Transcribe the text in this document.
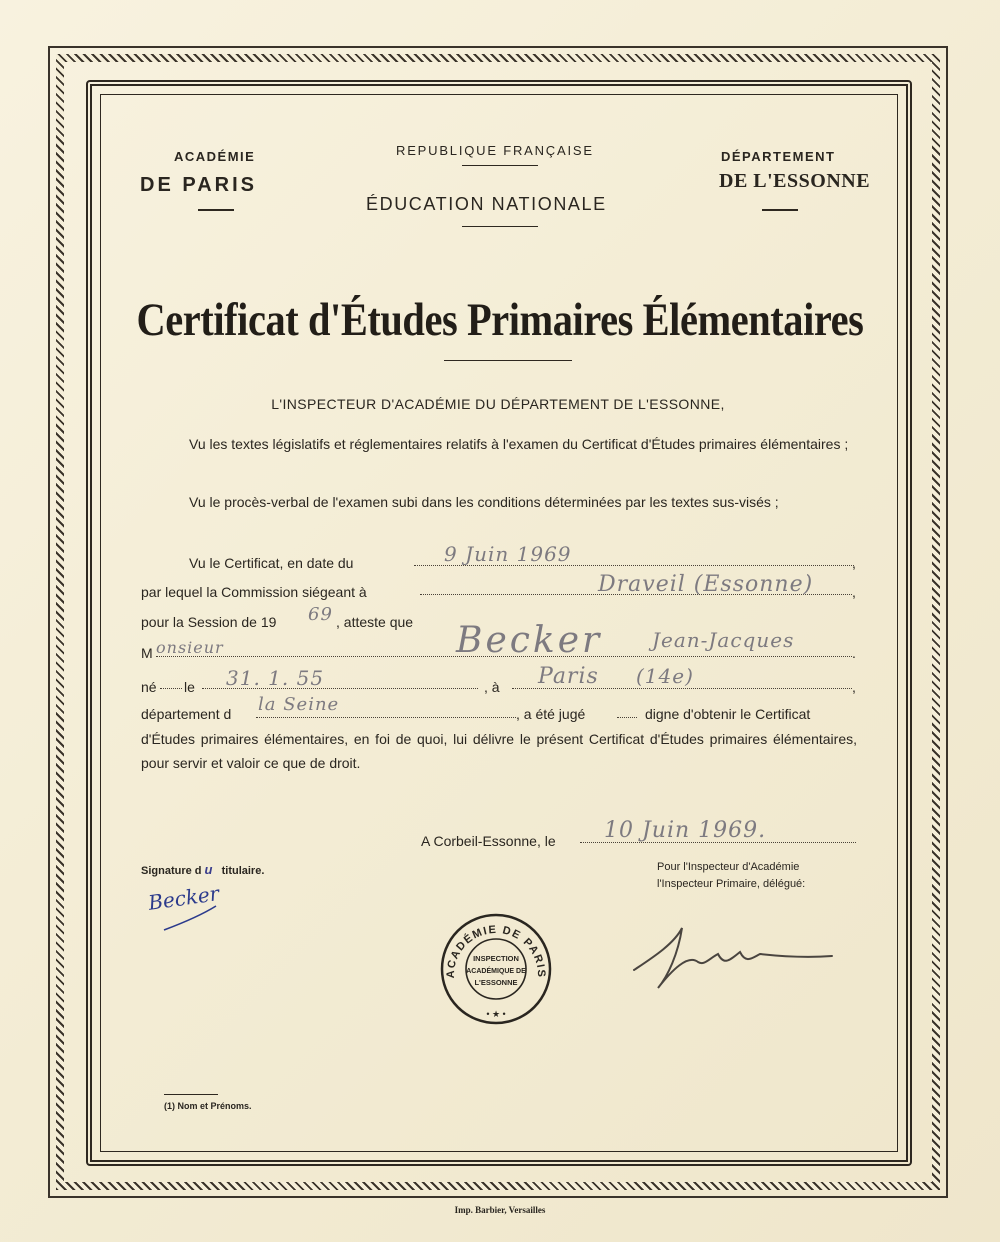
ACADÉMIE
DE PARIS
REPUBLIQUE FRANÇAISE
ÉDUCATION NATIONALE
DÉPARTEMENT
DE L'ESSONNE
Certificat d'Études Primaires Élémentaires
L'INSPECTEUR D'ACADÉMIE DU DÉPARTEMENT DE L'ESSONNE,
Vu les textes législatifs et réglementaires relatifs à l'examen du Certificat d'Études primaires élémentaires ;
Vu le procès-verbal de l'examen subi dans les conditions déterminées par les textes sus-visés ;
Vu le Certificat, en date du	,
9 Juin 1969
par lequel la Commission siégeant à	,
Draveil (Essonne)
pour la Session de 19 69 , atteste que
M onsieur	.
Becker Jean-Jacques
né le 31. 1. 55	, à	,
Paris (14e)
département d la Seine	, a été jugé	digne d'obtenir le Certificat
d'Études primaires élémentaires, en foi de quoi, lui délivre le présent Certificat d'Études primaires élémentaires, pour servir et valoir ce que de droit.
A Corbeil-Essonne, le 10 Juin 1969.
Signature d u titulaire.
Becker
Pour l'Inspecteur d'Académie
l'Inspecteur Primaire, délégué:
ACADÉMIE DE PARIS
INSPECTION
ACADÉMIQUE DE
L'ESSONNE
• ★ •
(1) Nom et Prénoms.
Imp. Barbier, Versailles
